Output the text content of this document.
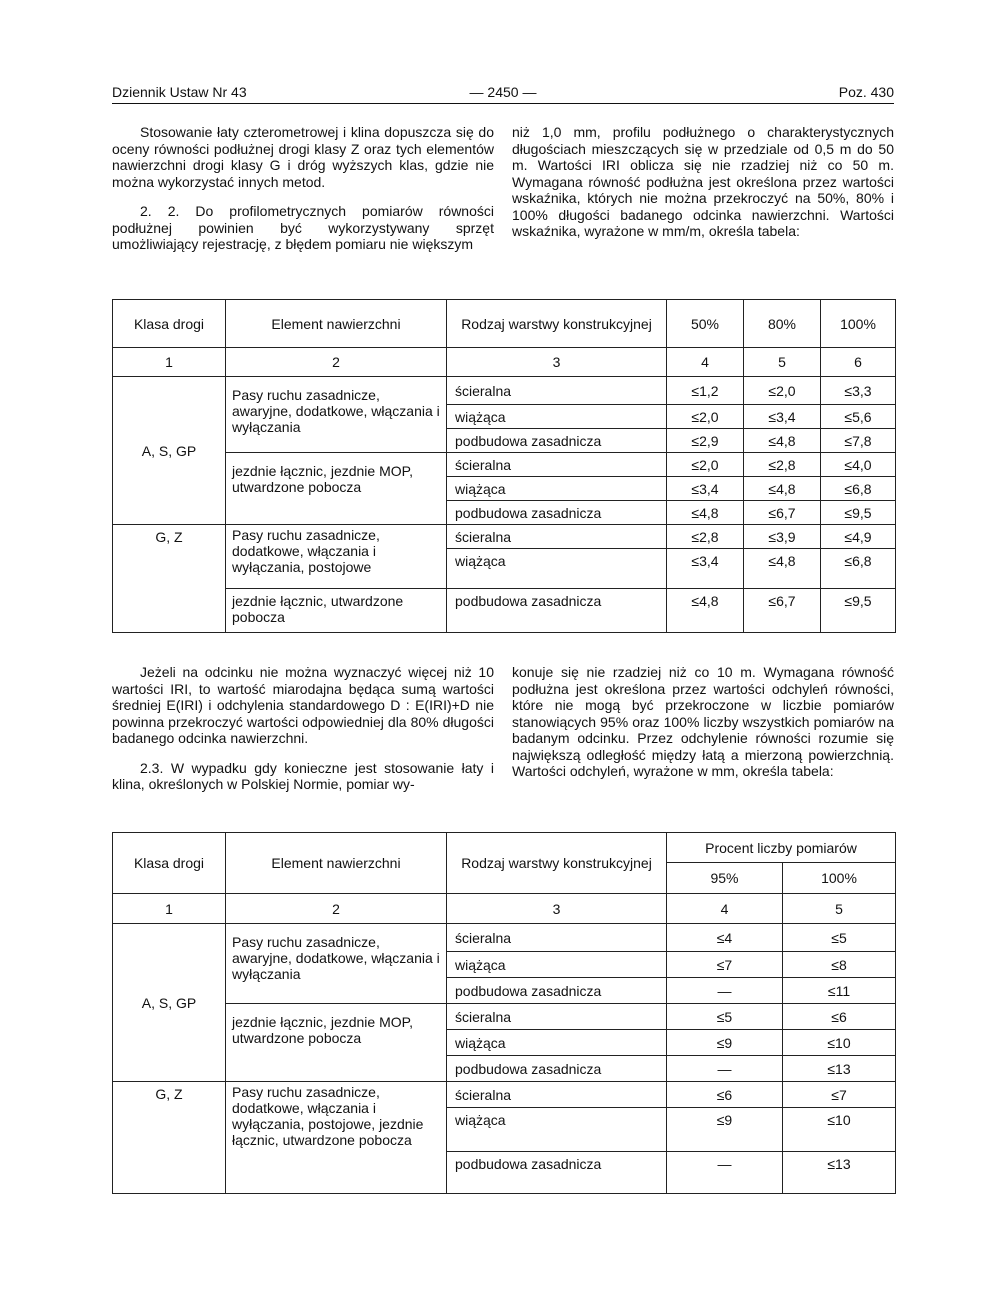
Dziennik Ustaw Nr 43	— 2450 —	Poz. 430

Stosowanie łaty czterometrowej i klina dopuszcza się do oceny równości podłużnej drogi klasy Z oraz tych elementów nawierzchni drogi klasy G i dróg wyższych klas, gdzie nie można wykorzystać innych metod.

2. 2. Do profilometrycznych pomiarów równości podłużnej powinien być wykorzystywany sprzęt umożliwiający rejestrację, z błędem pomiaru nie większym

niż 1,0 mm, profilu podłużnego o charakterystycznych długościach mieszczących się w przedziale od 0,5 m do 50 m. Wartości IRI oblicza się nie rzadziej niż co 50 m. Wymagana równość podłużna jest określona przez wartości wskaźnika, których nie można przekroczyć na 50%, 80% i 100% długości badanego odcinka nawierzchni. Wartości wskaźnika, wyrażone w mm/m, określa tabela:

Klasa drogi	Element nawierzchni	Rodzaj warstwy konstrukcyjnej	50%	80%	100%
1	2	3	4	5	6
A, S, GP	Pasy ruchu zasadnicze, awaryjne, dodatkowe, włączania i wyłączania	ścieralna	≤1,2	≤2,0	≤3,3
		wiążąca	≤2,0	≤3,4	≤5,6
		podbudowa zasadnicza	≤2,9	≤4,8	≤7,8
	jezdnie łącznic, jezdnie MOP, utwardzone pobocza	ścieralna	≤2,0	≤2,8	≤4,0
		wiążąca	≤3,4	≤4,8	≤6,8
		podbudowa zasadnicza	≤4,8	≤6,7	≤9,5
G, Z	Pasy ruchu zasadnicze, dodatkowe, włączania i wyłączania, postojowe	ścieralna	≤2,8	≤3,9	≤4,9
		wiążąca	≤3,4	≤4,8	≤6,8
	jezdnie łącznic, utwardzone pobocza	podbudowa zasadnicza	≤4,8	≤6,7	≤9,5

Jeżeli na odcinku nie można wyznaczyć więcej niż 10 wartości IRI, to wartość miarodajna będąca sumą wartości średniej E(IRI) i odchylenia standardowego D : E(IRI)+D nie powinna przekroczyć wartości odpowiedniej dla 80% długości badanego odcinka nawierzchni.

2.3. W wypadku gdy konieczne jest stosowanie łaty i klina, określonych w Polskiej Normie, pomiar wy-

konuje się nie rzadziej niż co 10 m. Wymagana równość podłużna jest określona przez wartości odchyleń równości, które nie mogą być przekroczone w liczbie pomiarów stanowiących 95% oraz 100% liczby wszystkich pomiarów na badanym odcinku. Przez odchylenie równości rozumie się największą odległość między łatą a mierzoną powierzchnią. Wartości odchyleń, wyrażone w mm, określa tabela:

Klasa drogi	Element nawierzchni	Rodzaj warstwy konstrukcyjnej	Procent liczby pomiarów	
			95%	100%
1	2	3	4	5
A, S, GP	Pasy ruchu zasadnicze, awaryjne, dodatkowe, włączania i wyłączania	ścieralna	≤4	≤5
		wiążąca	≤7	≤8
		podbudowa zasadnicza	—	≤11
	jezdnie łącznic, jezdnie MOP, utwardzone pobocza	ścieralna	≤5	≤6
		wiążąca	≤9	≤10
		podbudowa zasadnicza	—	≤13
G, Z	Pasy ruchu zasadnicze, dodatkowe, włączania i wyłączania, postojowe, jezdnie łącznic, utwardzone pobocza	ścieralna	≤6	≤7
		wiążąca	≤9	≤10
		podbudowa zasadnicza	—	≤13
